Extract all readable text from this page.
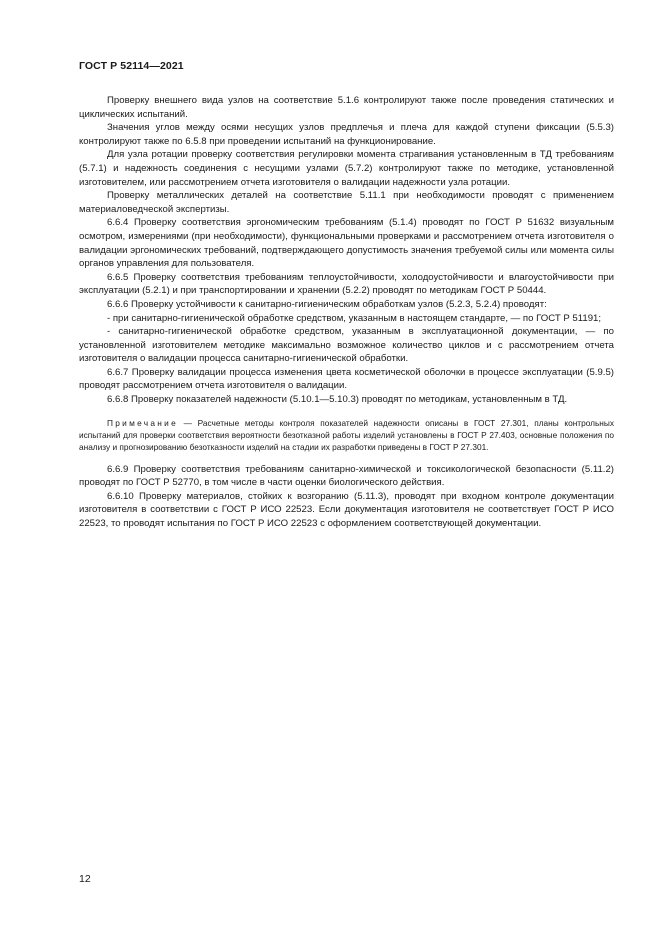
ГОСТ Р 52114—2021

Проверку внешнего вида узлов на соответствие 5.1.6 контролируют также после проведения статических и циклических испытаний.

Значения углов между осями несущих узлов предплечья и плеча для каждой ступени фиксации (5.5.3) контролируют также по 6.5.8 при проведении испытаний на функционирование.

Для узла ротации проверку соответствия регулировки момента страгивания установленным в ТД требованиям (5.7.1) и надежность соединения с несущими узлами (5.7.2) контролируют также по методике, установленной изготовителем, или рассмотрением отчета изготовителя о валидации надежности узла ротации.

Проверку металлических деталей на соответствие 5.11.1 при необходимости проводят с применением материаловедческой экспертизы.

6.6.4 Проверку соответствия эргономическим требованиям (5.1.4) проводят по ГОСТ Р 51632 визуальным осмотром, измерениями (при необходимости), функциональными проверками и рассмотрением отчета изготовителя о валидации эргономических требований, подтверждающего допустимость значения требуемой силы или момента силы органов управления для пользователя.

6.6.5 Проверку соответствия требованиям теплоустойчивости, холодоустойчивости и влагоустойчивости при эксплуатации (5.2.1) и при транспортировании и хранении (5.2.2) проводят по методикам ГОСТ Р 50444.

6.6.6 Проверку устойчивости к санитарно-гигиеническим обработкам узлов (5.2.3, 5.2.4) проводят:

- при санитарно-гигиенической обработке средством, указанным в настоящем стандарте, — по ГОСТ Р 51191;

- санитарно-гигиенической обработке средством, указанным в эксплуатационной документации, — по установленной изготовителем методике максимально возможное количество циклов и с рассмотрением отчета изготовителя о валидации процесса санитарно-гигиенической обработки.

6.6.7 Проверку валидации процесса изменения цвета косметической оболочки в процессе эксплуатации (5.9.5) проводят рассмотрением отчета изготовителя о валидации.

6.6.8 Проверку показателей надежности (5.10.1—5.10.3) проводят по методикам, установленным в ТД.

Примечание — Расчетные методы контроля показателей надежности описаны в ГОСТ 27.301, планы контрольных испытаний для проверки соответствия вероятности безотказной работы изделий установлены в ГОСТ Р 27.403, основные положения по анализу и прогнозированию безотказности изделий на стадии их разработки приведены в ГОСТ Р 27.301.

6.6.9 Проверку соответствия требованиям санитарно-химической и токсикологической безопасности (5.11.2) проводят по ГОСТ Р 52770, в том числе в части оценки биологического действия.

6.6.10 Проверку материалов, стойких к возгоранию (5.11.3), проводят при входном контроле документации изготовителя в соответствии с ГОСТ Р ИСО 22523. Если документация изготовителя не соответствует ГОСТ Р ИСО 22523, то проводят испытания по ГОСТ Р ИСО 22523 с оформлением соответствующей документации.

12
